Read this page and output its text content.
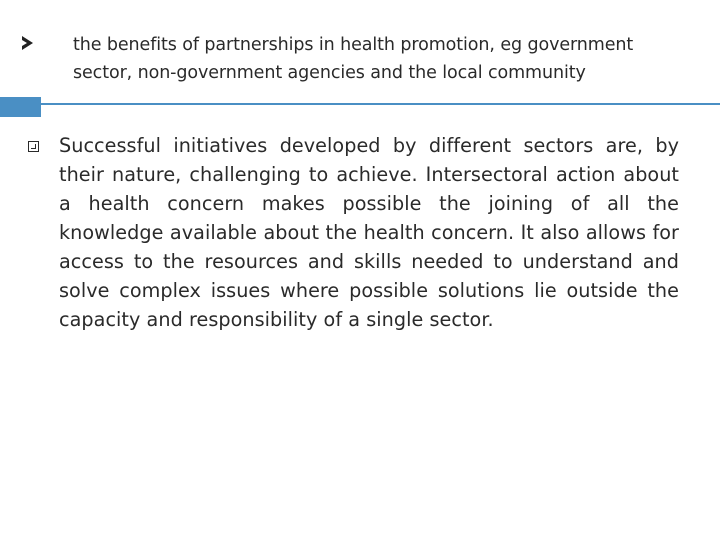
the benefits of partnerships in health promotion, eg government sector, non-government agencies and the local community
Successful initiatives developed by different sectors are, by their nature, challenging to achieve. Intersectoral action about a health concern makes possible the joining of all the knowledge available about the health concern. It also allows for access to the resources and skills needed to understand and solve complex issues where possible solutions lie outside the capacity and responsibility of a single sector.
